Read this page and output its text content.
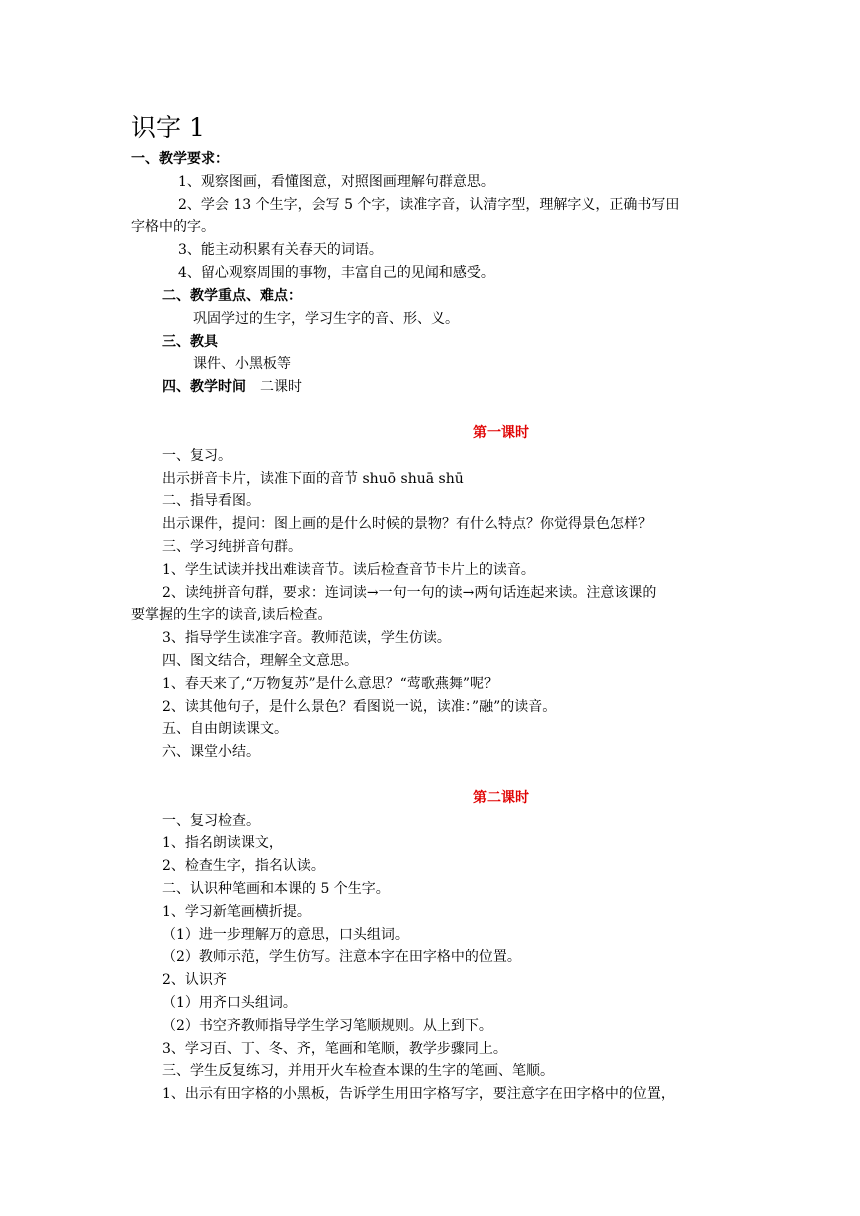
识字 1
一、教学要求：
1、观察图画，看懂图意，对照图画理解句群意思。
2、学会 13 个生字，会写 5 个字，读准字音，认清字型，理解字义，正确书写田
字格中的字。
3、能主动积累有关春天的词语。
4、留心观察周围的事物，丰富自己的见闻和感受。
二、教学重点、难点：
巩固学过的生字，学习生字的音、形、义。
三、教具
课件、小黑板等
四、教学时间 二课时
第一课时
一、复习。
出示拼音卡片，读准下面的音节 shuō shuā shū
二、指导看图。
出示课件，提问：图上画的是什么时候的景物？有什么特点？你觉得景色怎样？
三、学习纯拼音句群。
1、学生试读并找出难读音节。读后检查音节卡片上的读音。
2、读纯拼音句群，要求：连词读→一句一句的读→两句话连起来读。注意该课的
要掌握的生字的读音,读后检查。
3、指导学生读准字音。教师范读，学生仿读。
四、图文结合，理解全文意思。
1、春天来了,“万物复苏”是什么意思？“莺歌燕舞”呢？
2、读其他句子，是什么景色？看图说一说，读准：”融”的读音。
五、自由朗读课文。
六、课堂小结。
第二课时
一、复习检查。
1、指名朗读课文，
2、检查生字，指名认读。
二、认识种笔画和本课的 5 个生字。
1、学习新笔画横折提。
（1）进一步理解万的意思，口头组词。
（2）教师示范，学生仿写。注意本字在田字格中的位置。
2、认识齐
（1）用齐口头组词。
（2）书空齐教师指导学生学习笔顺规则。从上到下。
3、学习百、丁、冬、齐，笔画和笔顺，教学步骤同上。
三、学生反复练习，并用开火车检查本课的生字的笔画、笔顺。
1、出示有田字格的小黑板，告诉学生用田字格写字，要注意字在田字格中的位置，
